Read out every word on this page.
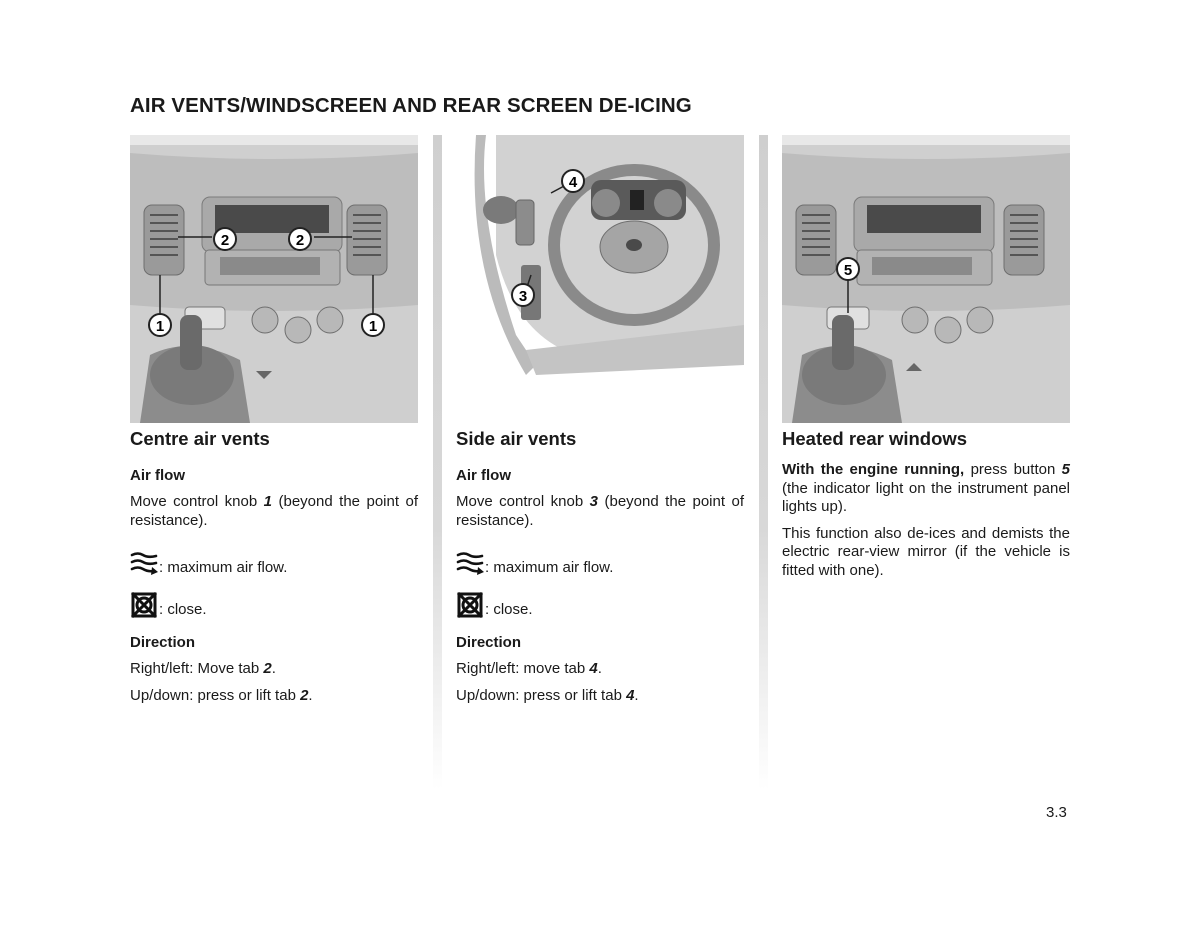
AIR VENTS/WINDSCREEN AND REAR SCREEN DE-ICING
1	1
2	2
Centre air vents
Air flow

Move control knob 1 (beyond the point of resistance).

: maximum air flow.
: close.
Direction

Right/left: Move tab 2.

Up/down: press or lift tab 2.

4
3
Side air vents
Air flow

Move control knob 3 (beyond the point of resistance).

: maximum air flow.
: close.
Direction

Right/left: move tab 4.

Up/down: press or lift tab 4.

5
Heated rear windows

With the engine running, press button 5 (the indicator light on the instrument panel lights up).

This function also de-ices and demists the electric rear-view mirror (if the vehicle is fitted with one).

3.3
